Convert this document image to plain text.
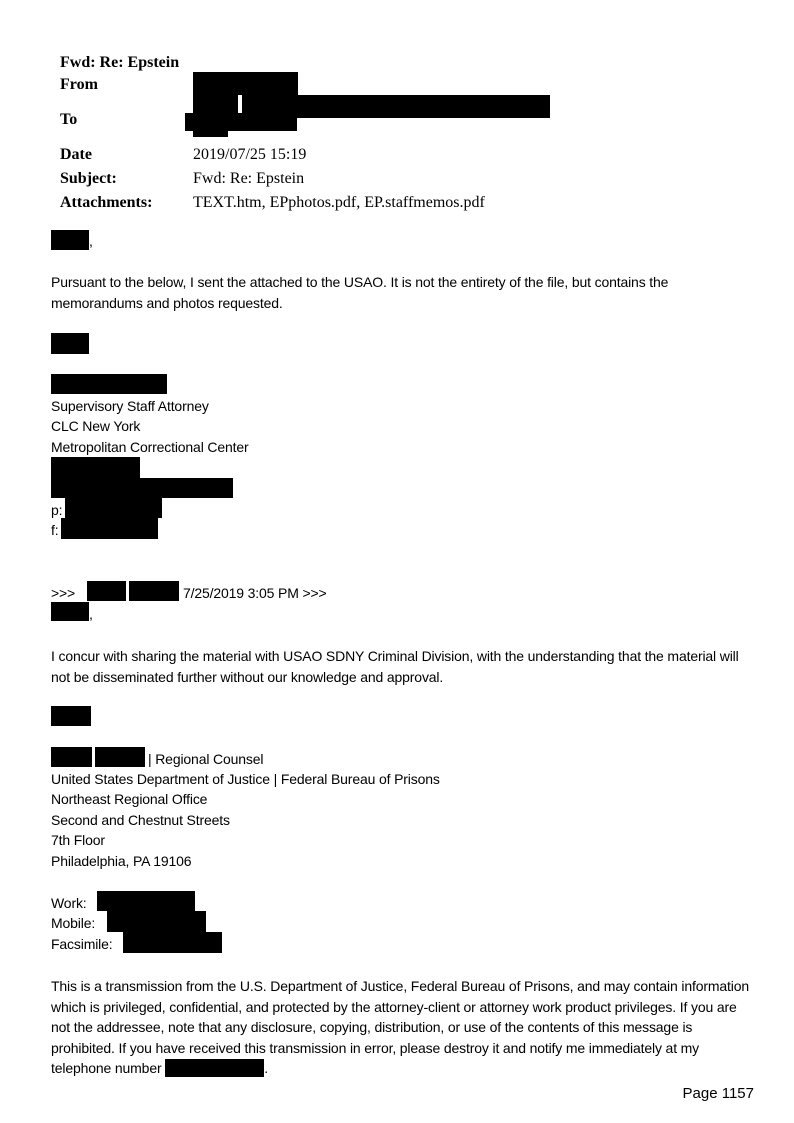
Fwd: Re: Epstein
From
To
Date	2019/07/25 15:19
Subject:	Fwd: Re: Epstein
Attachments:	TEXT.htm, EPphotos.pdf, EP.staffmemos.pdf
,
Pursuant to the below, I sent the attached to the USAO. It is not the entirety of the file, but contains the memorandums and photos requested.
Supervisory Staff Attorney
CLC New York
Metropolitan Correctional Center
p:
f:
>>>	7/25/2019 3:05 PM >>>
,
I concur with sharing the material with USAO SDNY Criminal Division, with the understanding that the material will not be disseminated further without our knowledge and approval.
| Regional Counsel
United States Department of Justice | Federal Bureau of Prisons
Northeast Regional Office
Second and Chestnut Streets
7th Floor
Philadelphia, PA 19106
Work:
Mobile:
Facsimile:
This is a transmission from the U.S. Department of Justice, Federal Bureau of Prisons, and may contain information which is privileged, confidential, and protected by the attorney-client or attorney work product privileges. If you are not the addressee, note that any disclosure, copying, distribution, or use of the contents of this message is prohibited. If you have received this transmission in error, please destroy it and notify me immediately at my telephone number	.
Page 1157
